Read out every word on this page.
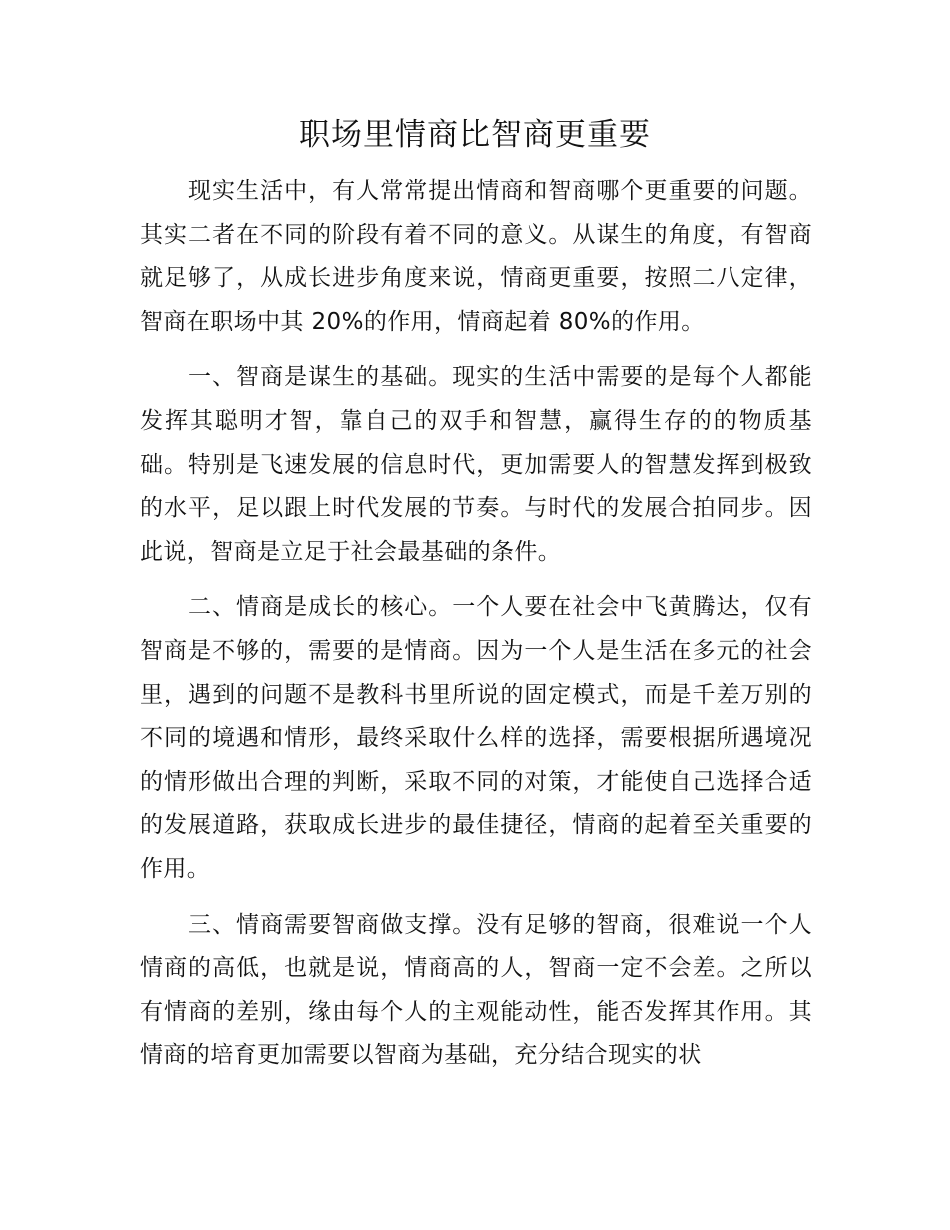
职场里情商比智商更重要

现实生活中，有人常常提出情商和智商哪个更重要的问题。其实二者在不同的阶段有着不同的意义。从谋生的角度，有智商就足够了，从成长进步角度来说，情商更重要，按照二八定律，智商在职场中其 20%的作用，情商起着 80%的作用。

一、智商是谋生的基础。现实的生活中需要的是每个人都能发挥其聪明才智，靠自己的双手和智慧，赢得生存的的物质基础。特别是飞速发展的信息时代，更加需要人的智慧发挥到极致的水平，足以跟上时代发展的节奏。与时代的发展合拍同步。因此说，智商是立足于社会最基础的条件。

二、情商是成长的核心。一个人要在社会中飞黄腾达，仅有智商是不够的，需要的是情商。因为一个人是生活在多元的社会里，遇到的问题不是教科书里所说的固定模式，而是千差万别的不同的境遇和情形，最终采取什么样的选择，需要根据所遇境况的情形做出合理的判断，采取不同的对策，才能使自己选择合适的发展道路，获取成长进步的最佳捷径，情商的起着至关重要的作用。

三、情商需要智商做支撑。没有足够的智商，很难说一个人情商的高低，也就是说，情商高的人，智商一定不会差。之所以有情商的差别，缘由每个人的主观能动性，能否发挥其作用。其情商的培育更加需要以智商为基础，充分结合现实的状
